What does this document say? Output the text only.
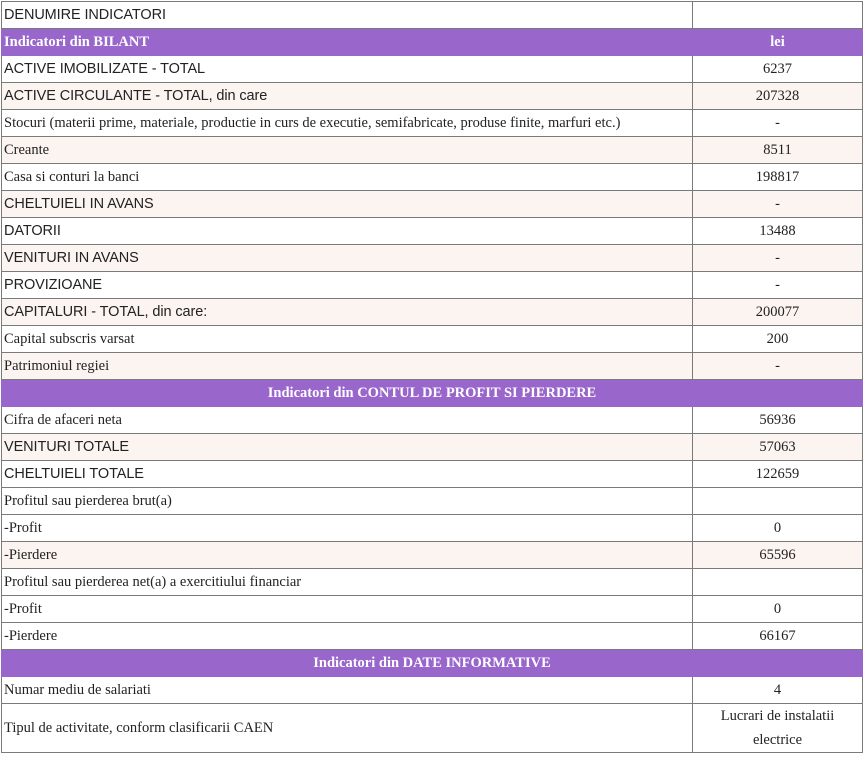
DENUMIRE INDICATORI	
Indicatori din BILANT	lei
ACTIVE IMOBILIZATE - TOTAL	6237
ACTIVE CIRCULANTE - TOTAL, din care	207328
Stocuri (materii prime, materiale, productie in curs de executie, semifabricate, produse finite, marfuri etc.)	-
Creante	8511
Casa si conturi la banci	198817
CHELTUIELI IN AVANS	-
DATORII	13488
VENITURI IN AVANS	-
PROVIZIOANE	-
CAPITALURI - TOTAL, din care:	200077
Capital subscris varsat	200
Patrimoniul regiei	-
Indicatori din CONTUL DE PROFIT SI PIERDERE	
Cifra de afaceri neta	56936
VENITURI TOTALE	57063
CHELTUIELI TOTALE	122659
Profitul sau pierderea brut(a)	
-Profit	0
-Pierdere	65596
Profitul sau pierderea net(a) a exercitiului financiar	
-Profit	0
-Pierdere	66167
Indicatori din DATE INFORMATIVE	
Numar mediu de salariati	4
Tipul de activitate, conform clasificarii CAEN	Lucrari de instalatii electrice
